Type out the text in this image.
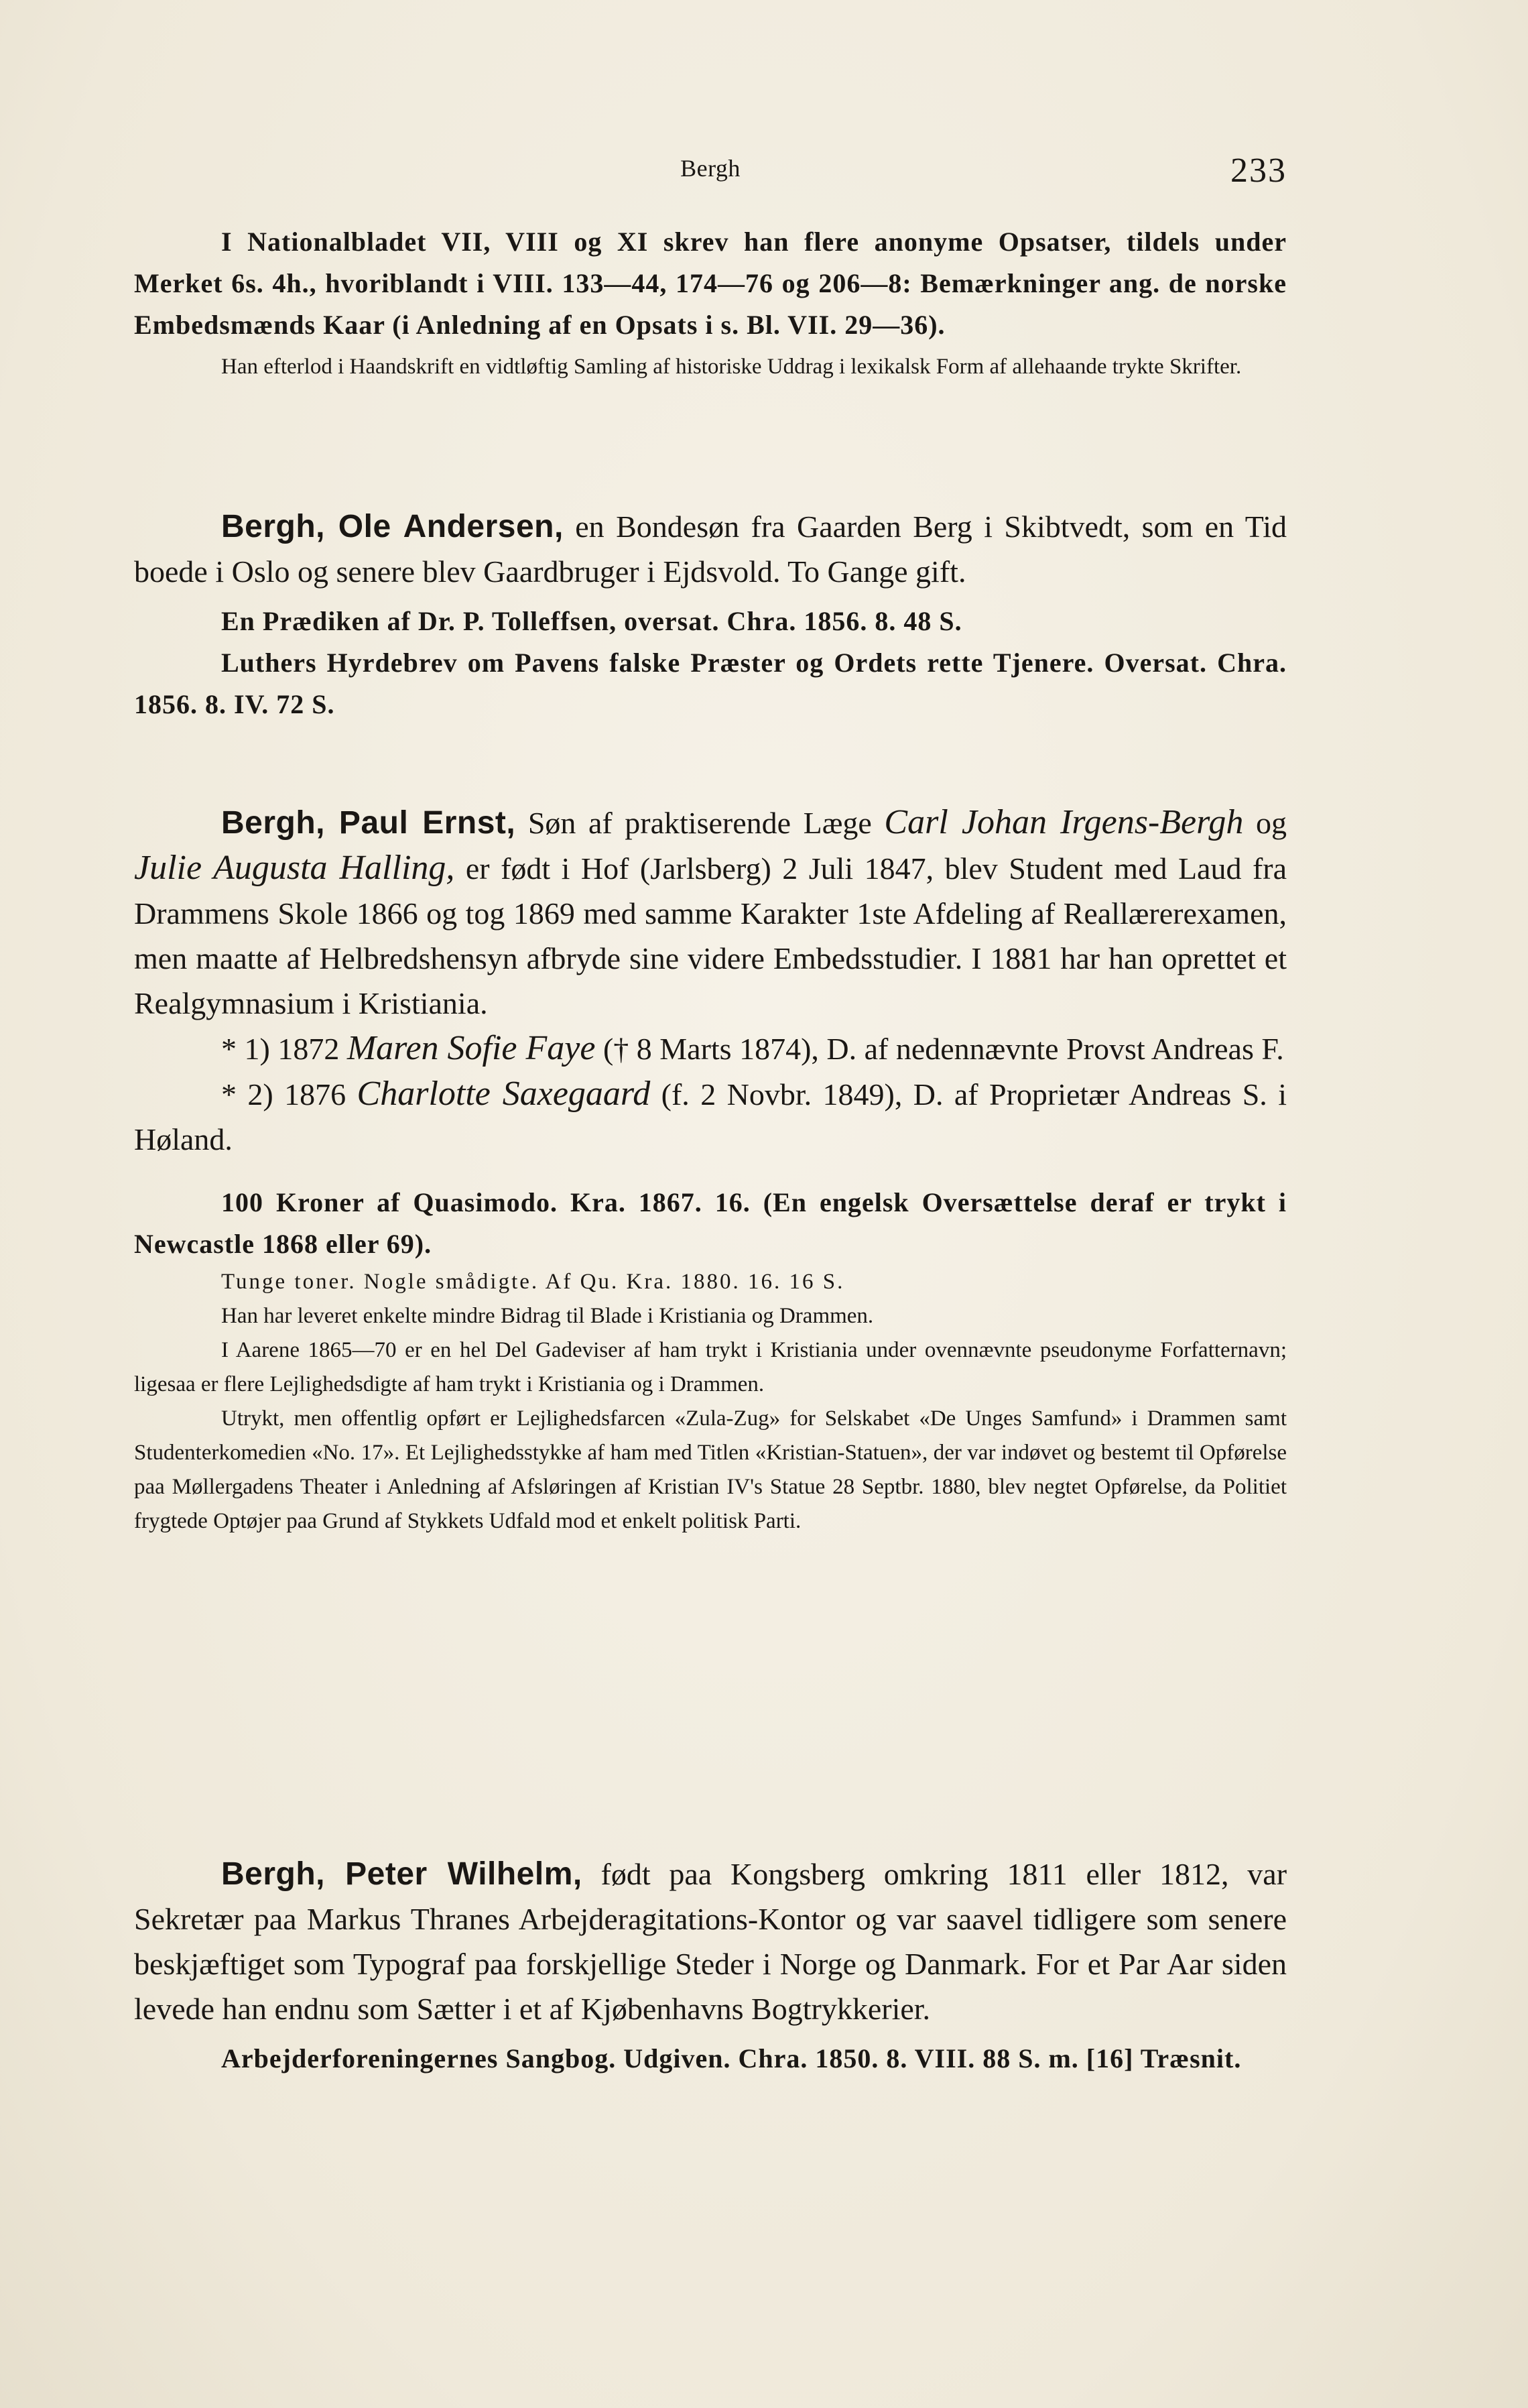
Bergh	233

I Nationalbladet VII, VIII og XI skrev han flere anonyme Opsatser, tildels under Merket 6s. 4h., hvoriblandt i VIII. 133—44, 174—76 og 206—8: Bemærkninger ang. de norske Embedsmænds Kaar (i Anledning af en Opsats i s. Bl. VII. 29—36).

Han efterlod i Haandskrift en vidtløftig Samling af historiske Uddrag i lexikalsk Form af allehaande trykte Skrifter.

Bergh, Ole Andersen, en Bondesøn fra Gaarden Berg i Skibtvedt, som en Tid boede i Oslo og senere blev Gaardbruger i Ejdsvold. To Gange gift.

En Prædiken af Dr. P. Tolleffsen, oversat. Chra. 1856. 8. 48 S.

Luthers Hyrdebrev om Pavens falske Præster og Ordets rette Tjenere. Oversat. Chra. 1856. 8. IV. 72 S.

Bergh, Paul Ernst, Søn af praktiserende Læge Carl Johan Irgens-Bergh og Julie Augusta Halling, er født i Hof (Jarlsberg) 2 Juli 1847, blev Student med Laud fra Drammens Skole 1866 og tog 1869 med samme Karakter 1ste Afdeling af Reallærerexamen, men maatte af Helbredshensyn afbryde sine videre Embedsstudier. I 1881 har han oprettet et Realgymnasium i Kristiania.

* 1) 1872 Maren Sofie Faye († 8 Marts 1874), D. af nedennævnte Provst Andreas F.

* 2) 1876 Charlotte Saxegaard (f. 2 Novbr. 1849), D. af Proprietær Andreas S. i Høland.

100 Kroner af Quasimodo. Kra. 1867. 16. (En engelsk Oversættelse deraf er trykt i Newcastle 1868 eller 69).

Tunge toner. Nogle smådigte. Af Qu. Kra. 1880. 16. 16 S.

Han har leveret enkelte mindre Bidrag til Blade i Kristiania og Drammen.

I Aarene 1865—70 er en hel Del Gadeviser af ham trykt i Kristiania under ovennævnte pseudonyme Forfatternavn; ligesaa er flere Lejlighedsdigte af ham trykt i Kristiania og i Drammen.

Utrykt, men offentlig opført er Lejlighedsfarcen «Zula-Zug» for Selskabet «De Unges Samfund» i Drammen samt Studenterkomedien «No. 17». Et Lejlighedsstykke af ham med Titlen «Kristian-Statuen», der var indøvet og bestemt til Opførelse paa Møllergadens Theater i Anledning af Afsløringen af Kristian IV's Statue 28 Septbr. 1880, blev negtet Opførelse, da Politiet frygtede Optøjer paa Grund af Stykkets Udfald mod et enkelt politisk Parti.

Bergh, Peter Wilhelm, født paa Kongsberg omkring 1811 eller 1812, var Sekretær paa Markus Thranes Arbejderagitations-Kontor og var saavel tidligere som senere beskjæftiget som Typograf paa forskjellige Steder i Norge og Danmark. For et Par Aar siden levede han endnu som Sætter i et af Kjøbenhavns Bogtrykkerier.

Arbejderforeningernes Sangbog. Udgiven. Chra. 1850. 8. VIII. 88 S. m. [16] Træsnit.
